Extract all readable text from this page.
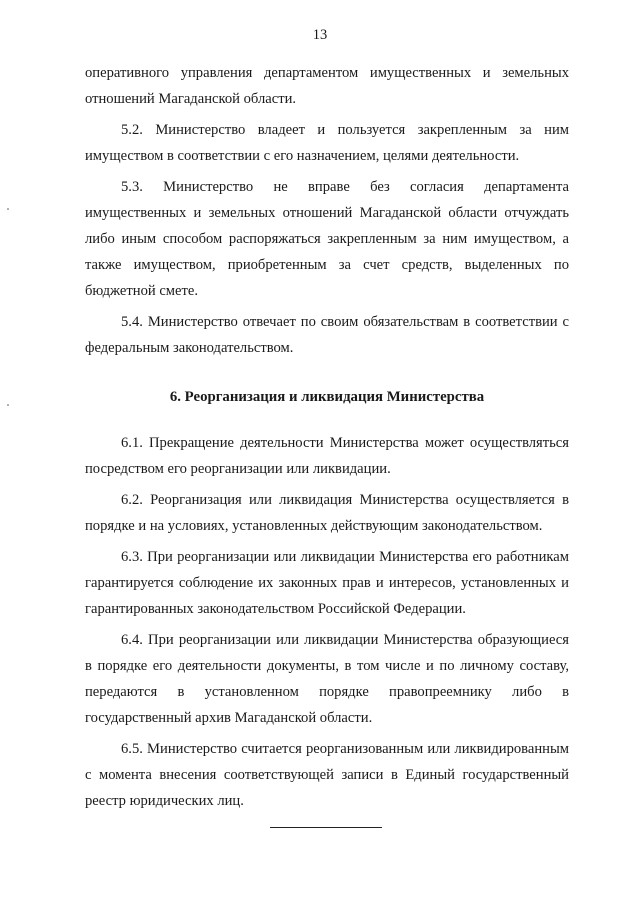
13

оперативного управления департаментом имущественных и земельных отношений Магаданской области.

5.2. Министерство владеет и пользуется закрепленным за ним имуществом в соответствии с его назначением, целями деятельности.

5.3. Министерство не вправе без согласия департамента имущественных и земельных отношений Магаданской области отчуждать либо иным способом распоряжаться закрепленным за ним имуществом, а также имуществом, приобретенным за счет средств, выделенных по бюджетной смете.

5.4. Министерство отвечает по своим обязательствам в соответствии с федеральным законодательством.

6. Реорганизация и ликвидация Министерства

6.1. Прекращение деятельности Министерства может осуществляться посредством его реорганизации или ликвидации.

6.2. Реорганизация или ликвидация Министерства осуществляется в порядке и на условиях, установленных действующим законодательством.

6.3. При реорганизации или ликвидации Министерства его работникам гарантируется соблюдение их законных прав и интересов, установленных и гарантированных законодательством Российской Федерации.

6.4. При реорганизации или ликвидации Министерства образующиеся в порядке его деятельности документы, в том числе и по личному составу, передаются в установленном порядке правопреемнику либо в государственный архив Магаданской области.

6.5. Министерство считается реорганизованным или ликвидированным с момента внесения соответствующей записи в Единый государственный реестр юридических лиц.
